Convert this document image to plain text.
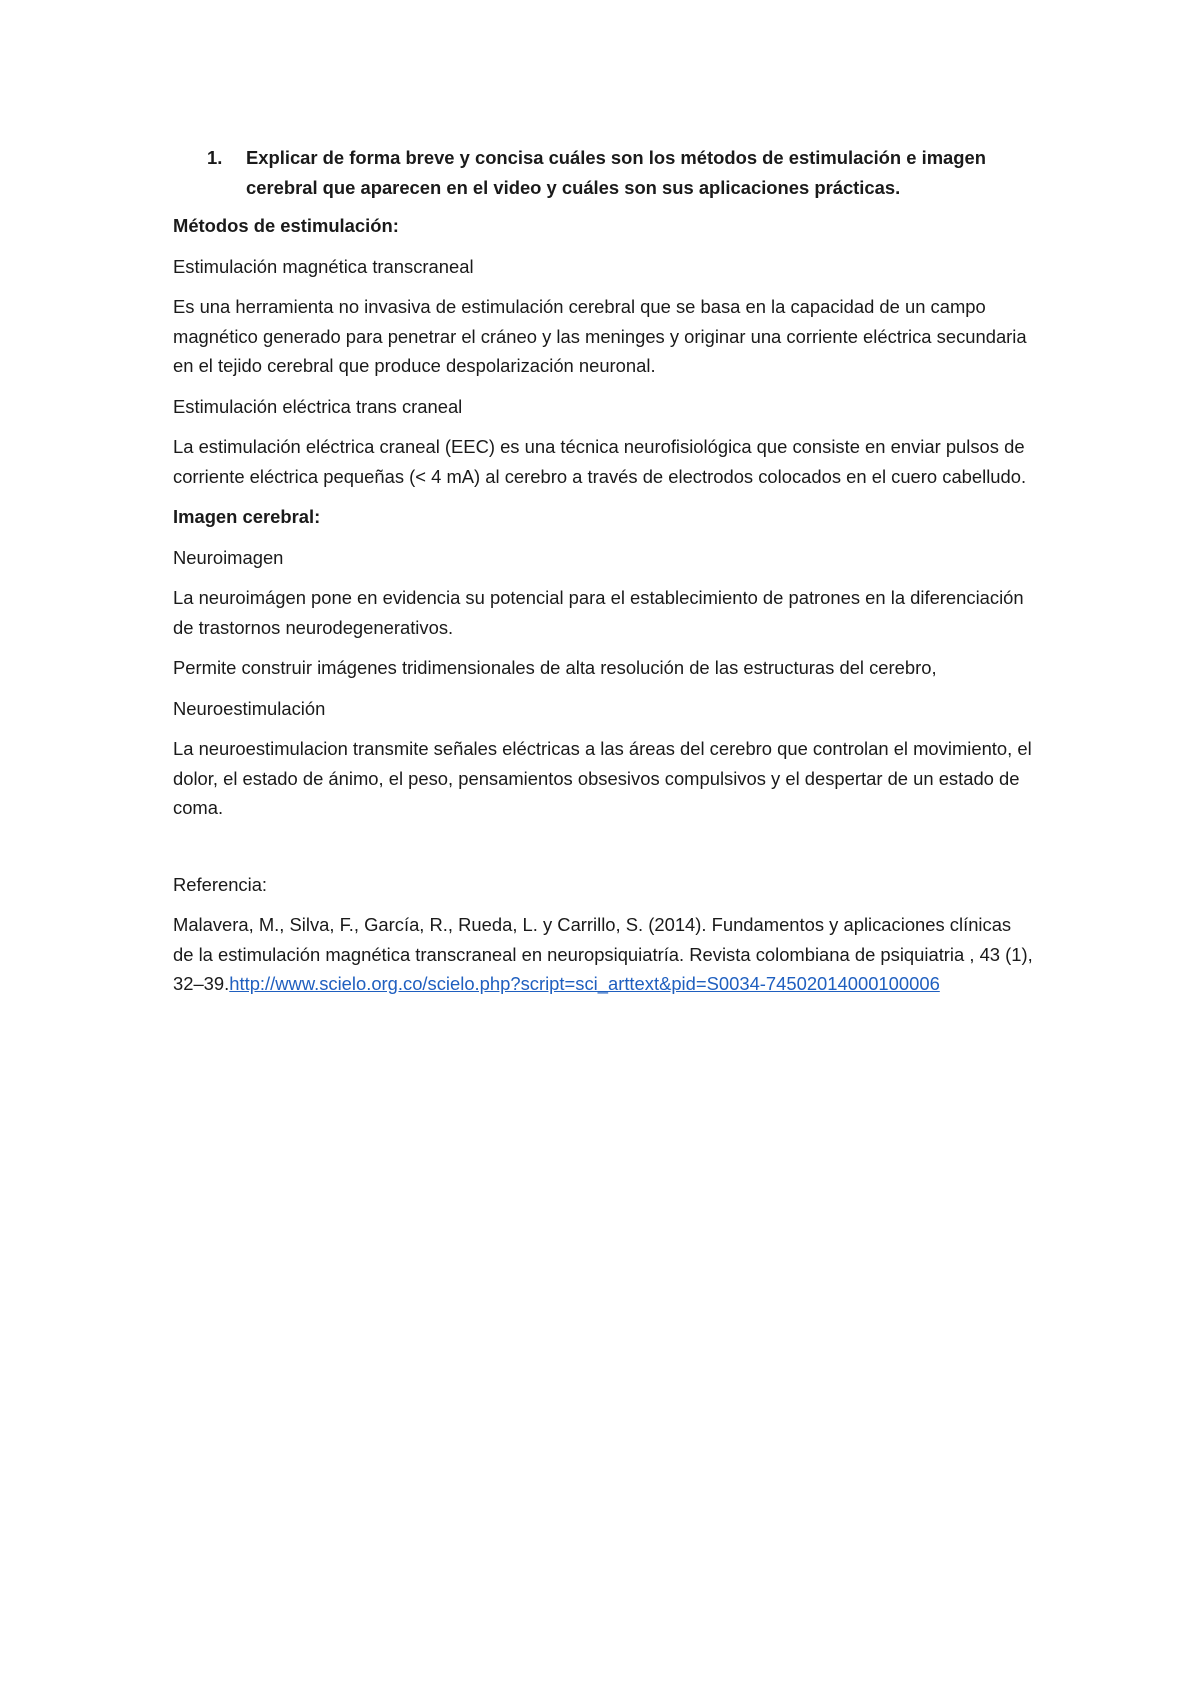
1. Explicar de forma breve y concisa cuáles son los métodos de estimulación e imagen cerebral que aparecen en el video y cuáles son sus aplicaciones prácticas.

Métodos de estimulación:

Estimulación magnética transcraneal

Es una herramienta no invasiva de estimulación cerebral que se basa en la capacidad de un campo magnético generado para penetrar el cráneo y las meninges y originar una corriente eléctrica secundaria en el tejido cerebral que produce despolarización neuronal.

Estimulación eléctrica trans craneal

La estimulación eléctrica craneal (EEC) es una técnica neurofisiológica que consiste en enviar pulsos de corriente eléctrica pequeñas (< 4 mA) al cerebro a través de electrodos colocados en el cuero cabelludo.

Imagen cerebral:

Neuroimagen

La neuroimágen pone en evidencia su potencial para el establecimiento de patrones en la diferenciación de trastornos neurodegenerativos.

Permite construir imágenes tridimensionales de alta resolución de las estructuras del cerebro,

Neuroestimulación

La neuroestimulacion transmite señales eléctricas a las áreas del cerebro que controlan el movimiento, el dolor, el estado de ánimo, el peso, pensamientos obsesivos compulsivos y el despertar de un estado de coma.

Referencia:

Malavera, M., Silva, F., García, R., Rueda, L. y Carrillo, S. (2014). Fundamentos y aplicaciones clínicas de la estimulación magnética transcraneal en neuropsiquiatría. Revista colombiana de psiquiatria , 43 (1), 32–39.http://www.scielo.org.co/scielo.php?script=sci_arttext&pid=S0034-74502014000100006
